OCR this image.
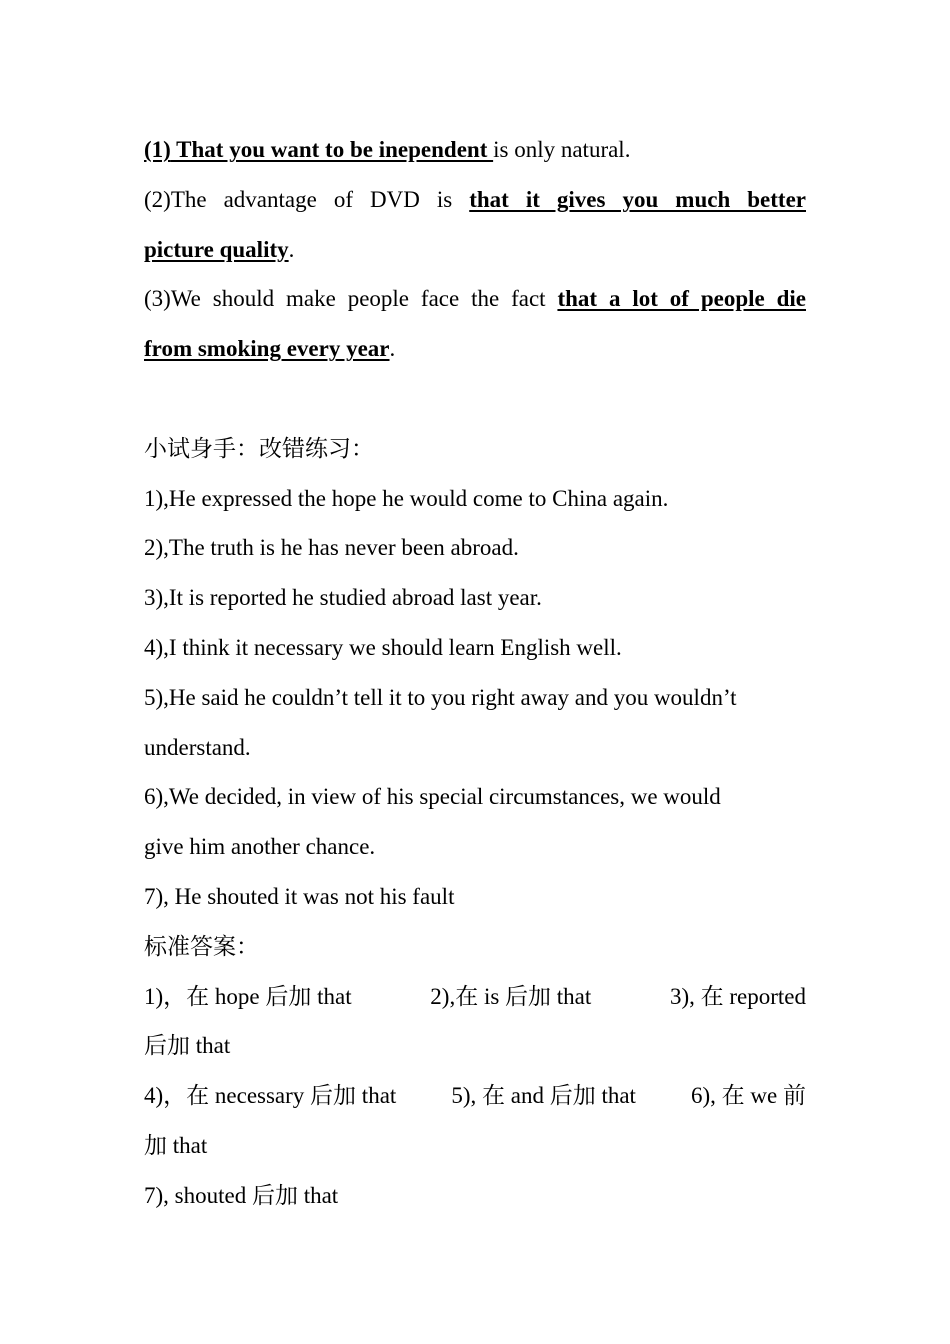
(1) That you want to be inependent is only natural.
(2)The advantage of DVD is that it gives you much better
picture quality.
(3)We should make people face the fact that a lot of people die
from smoking every year.
小试身手：改错练习：
1),He expressed the hope he would come to China again.
2),The truth is he has never been abroad.
3),It is reported he studied abroad last year.
4),I think it necessary we should learn English well.
5),He said he couldn’t tell it to you right away and you wouldn’t
understand.
6),We decided, in view of his special circumstances, we would
give him another chance.
7), He shouted it was not his fault
标准答案：
1)，在 hope 后加 that	2),在 is 后加 that	3), 在 reported
后加 that
4)，在 necessary 后加 that 5), 在 and 后加 that 6), 在 we 前
加 that
7), shouted 后加 that
